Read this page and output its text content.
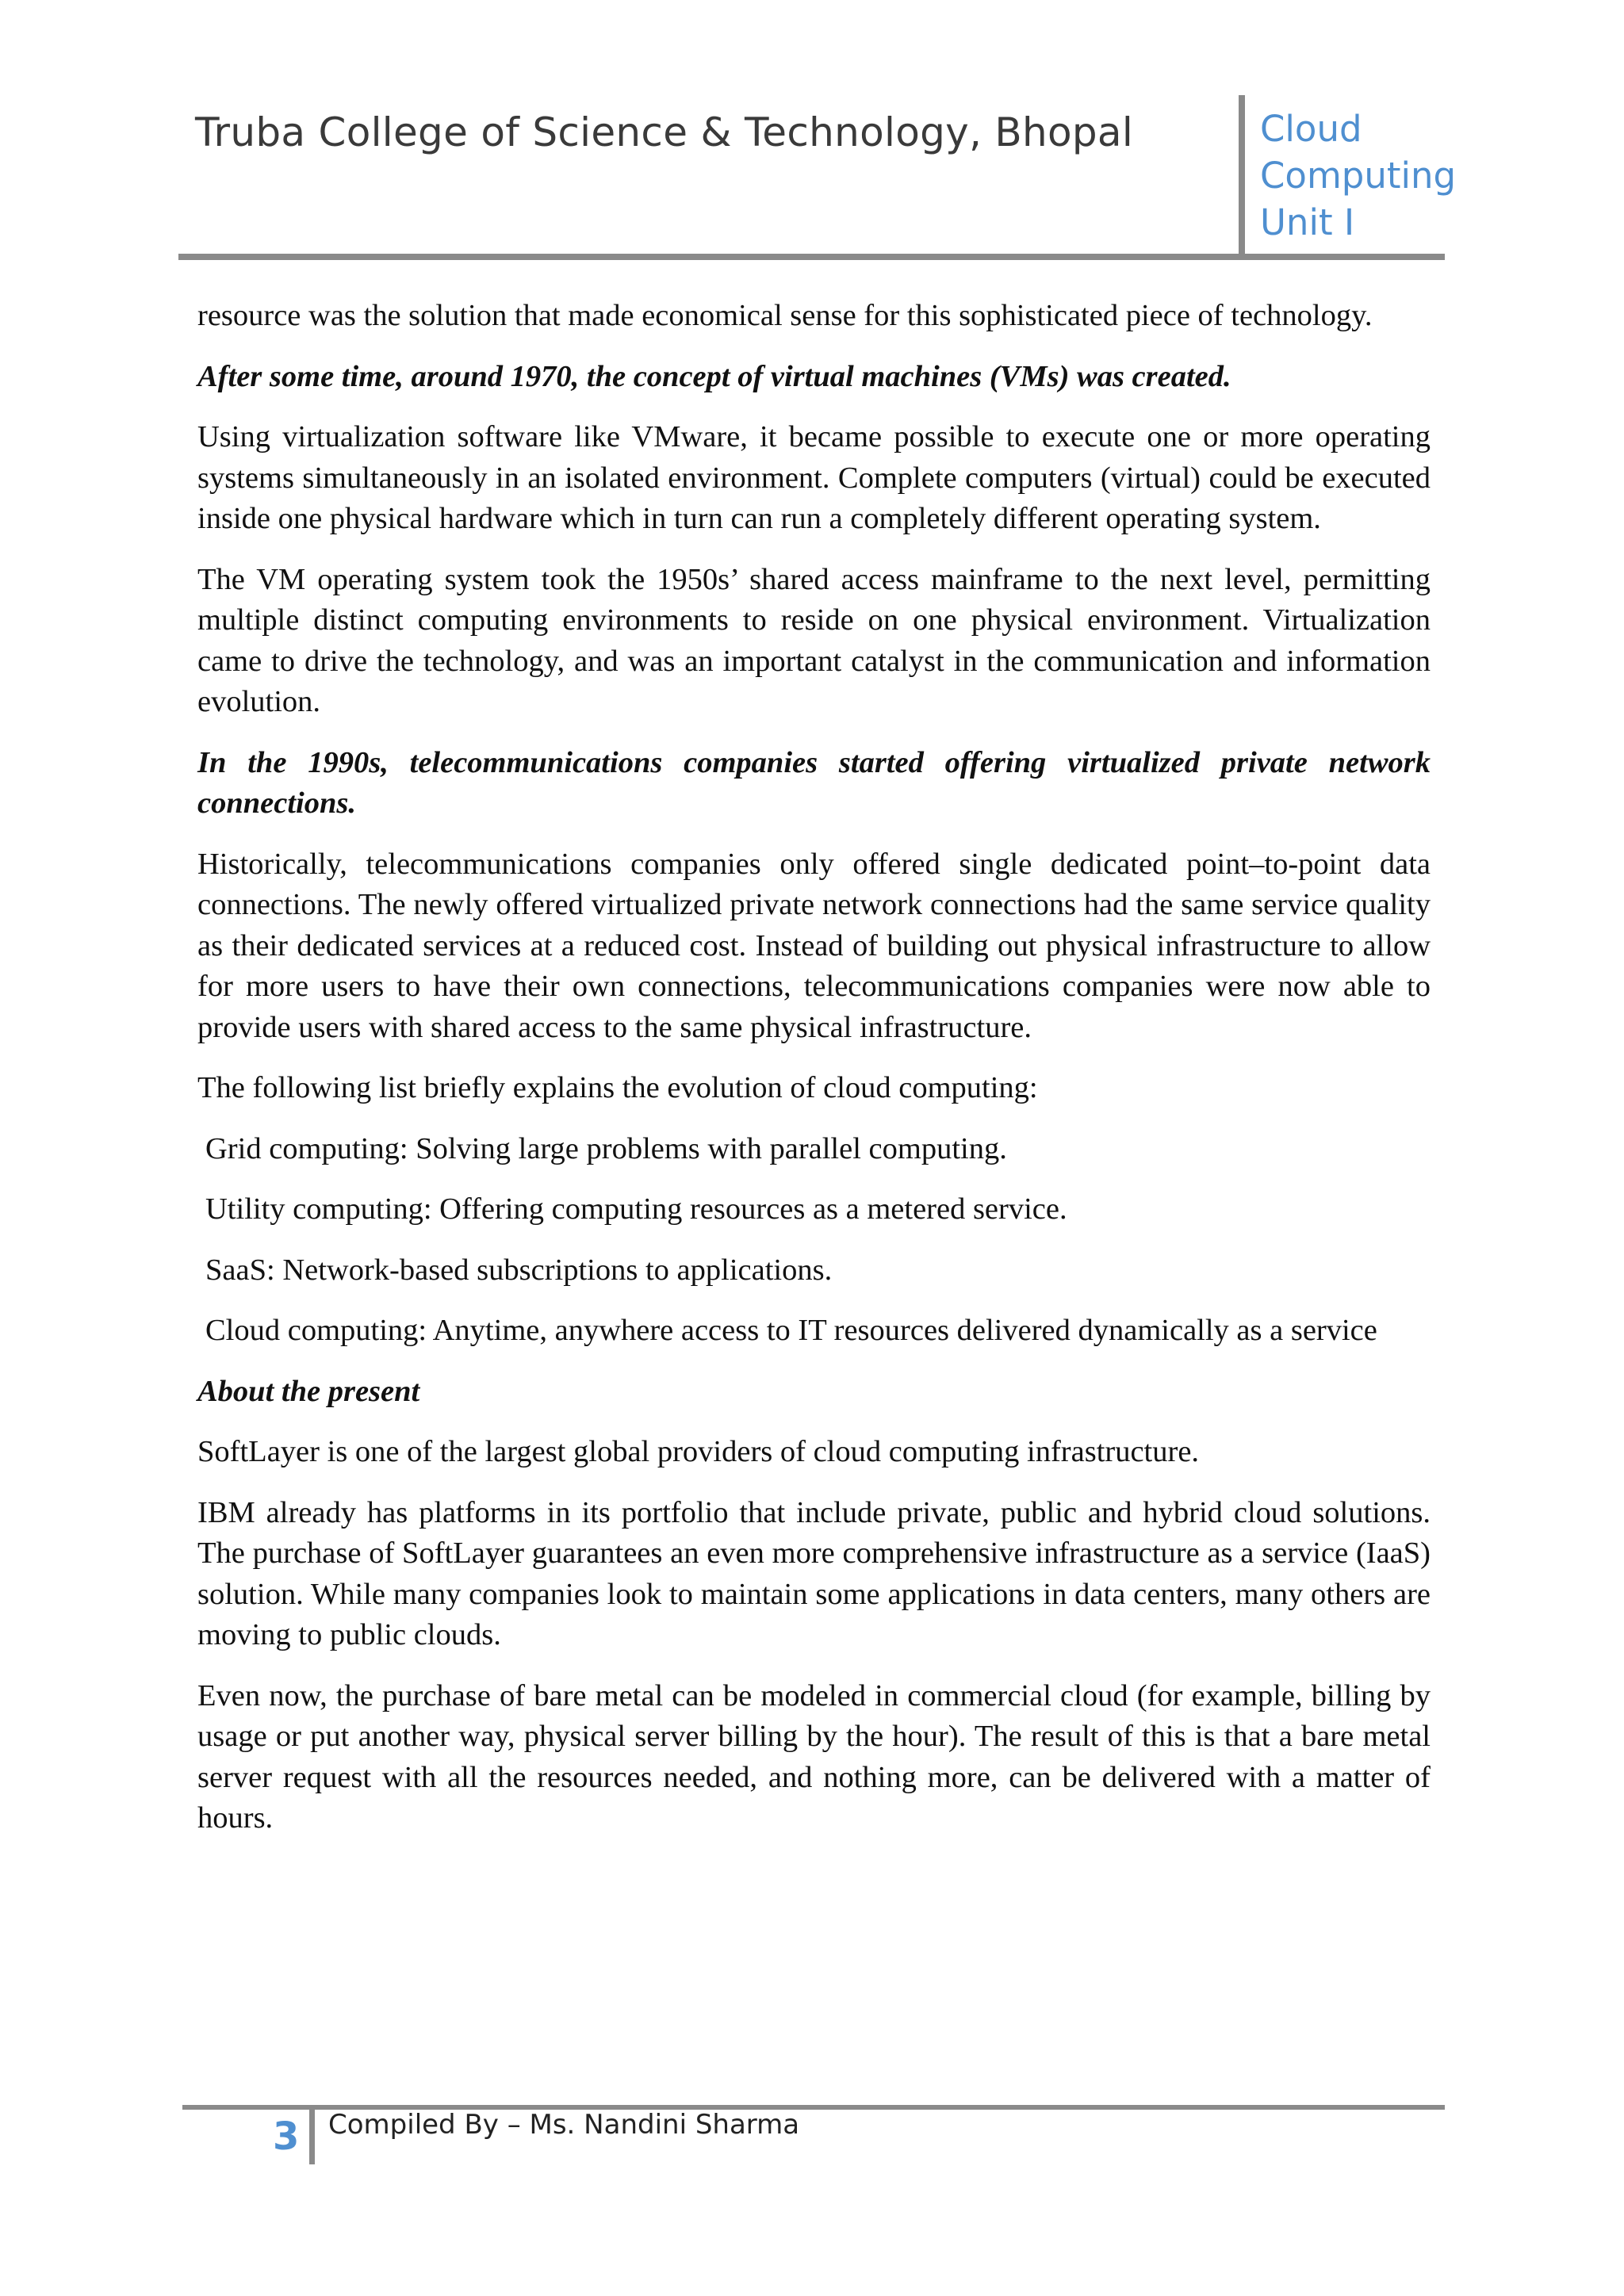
Truba College of Science & Technology, Bhopal	Cloud
Computing
Unit I

resource was the solution that made economical sense for this sophisticated piece of technology.

After some time, around 1970, the concept of virtual machines (VMs) was created.

Using virtualization software like VMware, it became possible to execute one or more operating systems simultaneously in an isolated environment. Complete computers (virtual) could be executed inside one physical hardware which in turn can run a completely different operating system.

The VM operating system took the 1950s’ shared access mainframe to the next level, permitting multiple distinct computing environments to reside on one physical environment. Virtualization came to drive the technology, and was an important catalyst in the communication and information evolution.

In the 1990s, telecommunications companies started offering virtualized private network connections.

Historically, telecommunications companies only offered single dedicated point–to-point data connections. The newly offered virtualized private network connections had the same service quality as their dedicated services at a reduced cost. Instead of building out physical infrastructure to allow for more users to have their own connections, telecommunications companies were now able to provide users with shared access to the same physical infrastructure.

The following list briefly explains the evolution of cloud computing:

Grid computing: Solving large problems with parallel computing.

Utility computing: Offering computing resources as a metered service.

SaaS: Network-based subscriptions to applications.

Cloud computing: Anytime, anywhere access to IT resources delivered dynamically as a service

About the present

SoftLayer is one of the largest global providers of cloud computing infrastructure.

IBM already has platforms in its portfolio that include private, public and hybrid cloud solutions. The purchase of SoftLayer guarantees an even more comprehensive infrastructure as a service (IaaS) solution. While many companies look to maintain some applications in data centers, many others are moving to public clouds.

Even now, the purchase of bare metal can be modeled in commercial cloud (for example, billing by usage or put another way, physical server billing by the hour). The result of this is that a bare metal server request with all the resources needed, and nothing more, can be delivered with a matter of hours.

3 Compiled By – Ms. Nandini Sharma
